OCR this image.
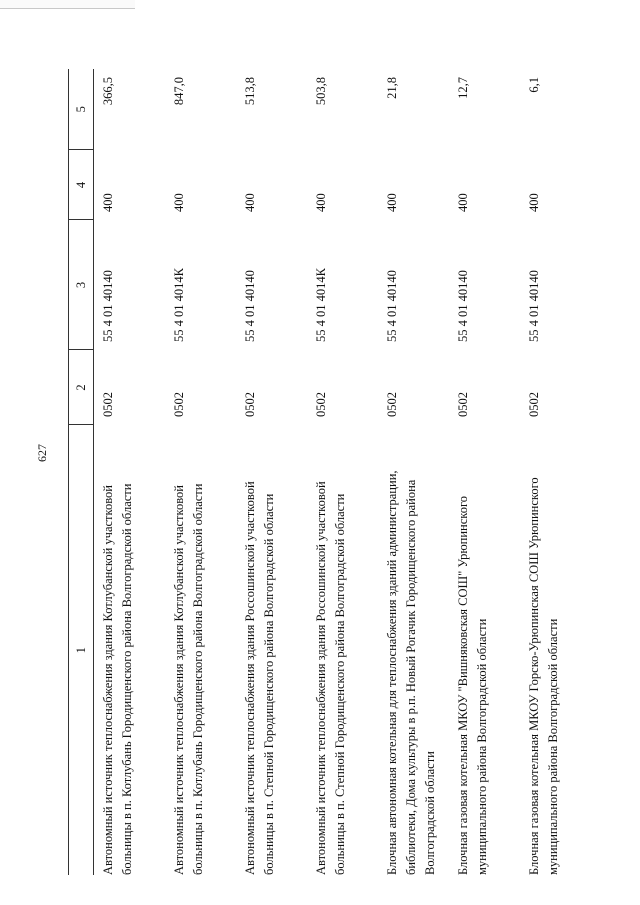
627
1	2	3	4	5
Автономный источник теплоснабжения здания Котлубанской участковой больницы в п. Котлубань Городищенского района Волгоградской области	0502	55 4 01 40140	400	366,5
Автономный источник теплоснабжения здания Котлубанской участковой больницы в п. Котлубань Городищенского района Волгоградской области	0502	55 4 01 4014К	400	847,0
Автономный источник теплоснабжения здания Россошинской участковой больницы в п. Степной Городищенского района Волгоградской области	0502	55 4 01 40140	400	513,8
Автономный источник теплоснабжения здания Россошинской участковой больницы в п. Степной Городищенского района Волгоградской области	0502	55 4 01 4014К	400	503,8
Блочная автономная котельная для теплоснабжения зданий администрации, библиотеки, Дома культуры в р.п. Новый Рогачик Городищенского района Волгоградской области	0502	55 4 01 40140	400	21,8
Блочная газовая котельная МКОУ "Вишняковская СОШ" Урюпинского муниципального района Волгоградской области	0502	55 4 01 40140	400	12,7
Блочная газовая котельная МКОУ Горско-Урюпинская СОШ Урюпинского муниципального района Волгоградской области	0502	55 4 01 40140	400	6,1
